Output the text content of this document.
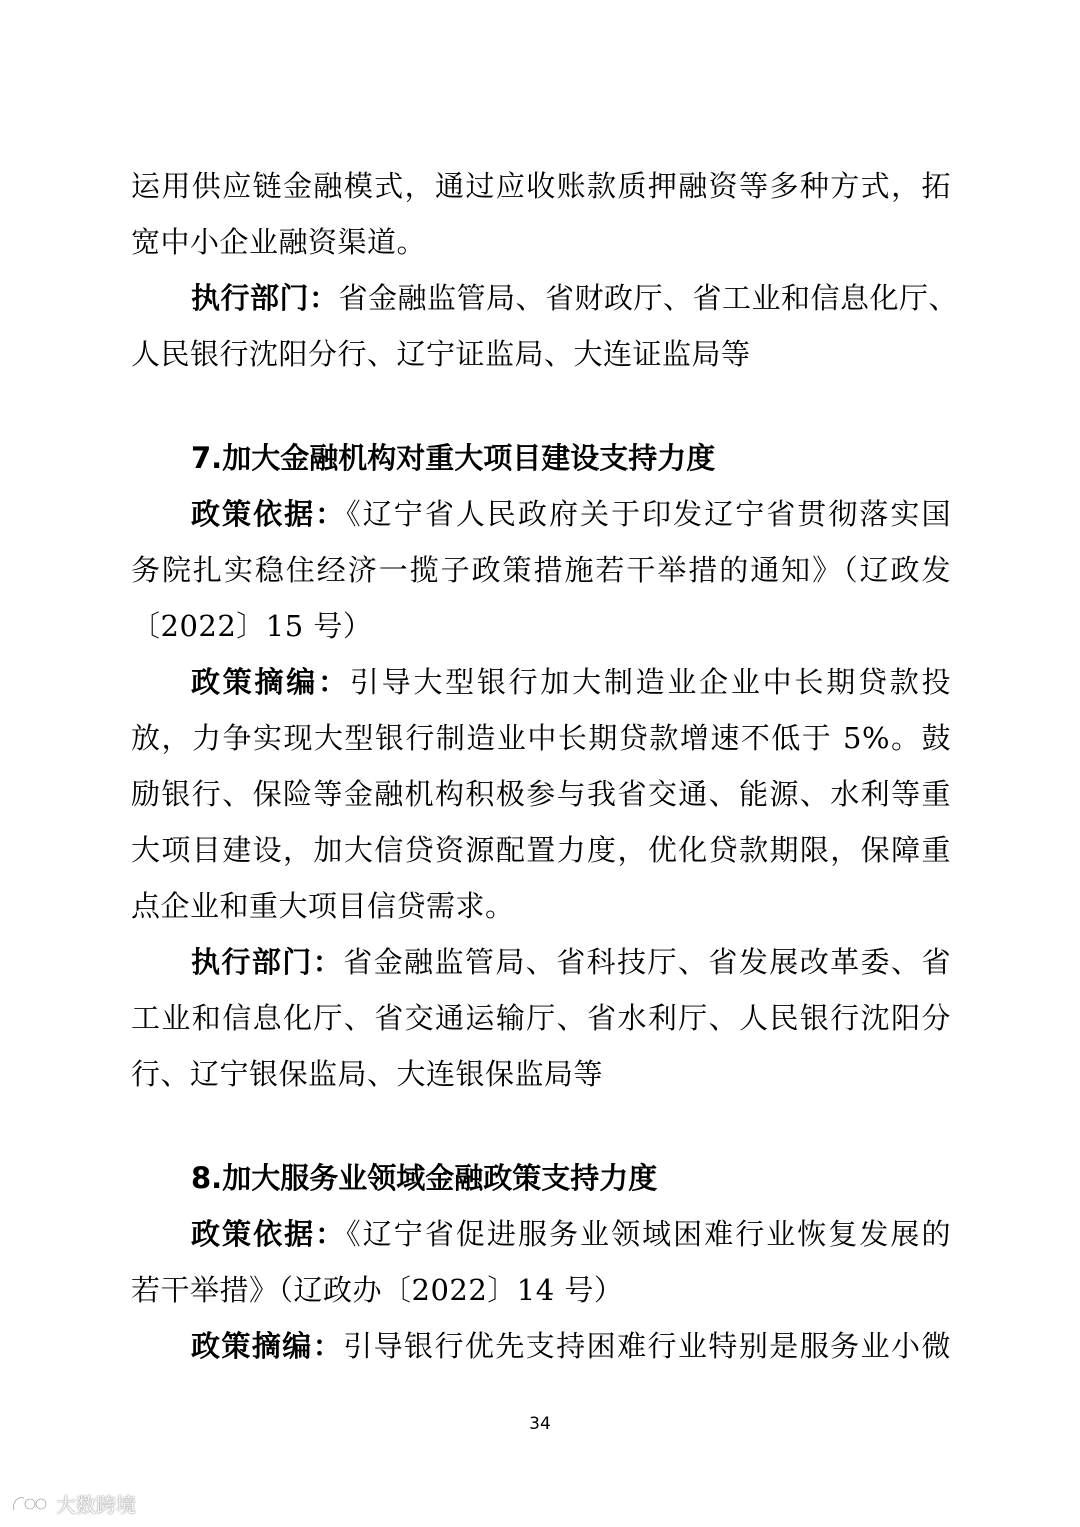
运用供应链金融模式，通过应收账款质押融资等多种方式，拓
宽中小企业融资渠道。
执行部门：省金融监管局、省财政厅、省工业和信息化厅、
人民银行沈阳分行、辽宁证监局、大连证监局等
7.加大金融机构对重大项目建设支持力度
政策依据：《辽宁省人民政府关于印发辽宁省贯彻落实国
务院扎实稳住经济一揽子政策措施若干举措的通知》（辽政发
〔2022〕15 号）
政策摘编：引导大型银行加大制造业企业中长期贷款投
放，力争实现大型银行制造业中长期贷款增速不低于 5%。鼓
励银行、保险等金融机构积极参与我省交通、能源、水利等重
大项目建设，加大信贷资源配置力度，优化贷款期限，保障重
点企业和重大项目信贷需求。
执行部门：省金融监管局、省科技厅、省发展改革委、省
工业和信息化厅、省交通运输厅、省水利厅、人民银行沈阳分
行、辽宁银保监局、大连银保监局等
8.加大服务业领域金融政策支持力度
政策依据：《辽宁省促进服务业领域困难行业恢复发展的
若干举措》（辽政办〔2022〕14 号）
政策摘编：引导银行优先支持困难行业特别是服务业小微
34
大数跨境
